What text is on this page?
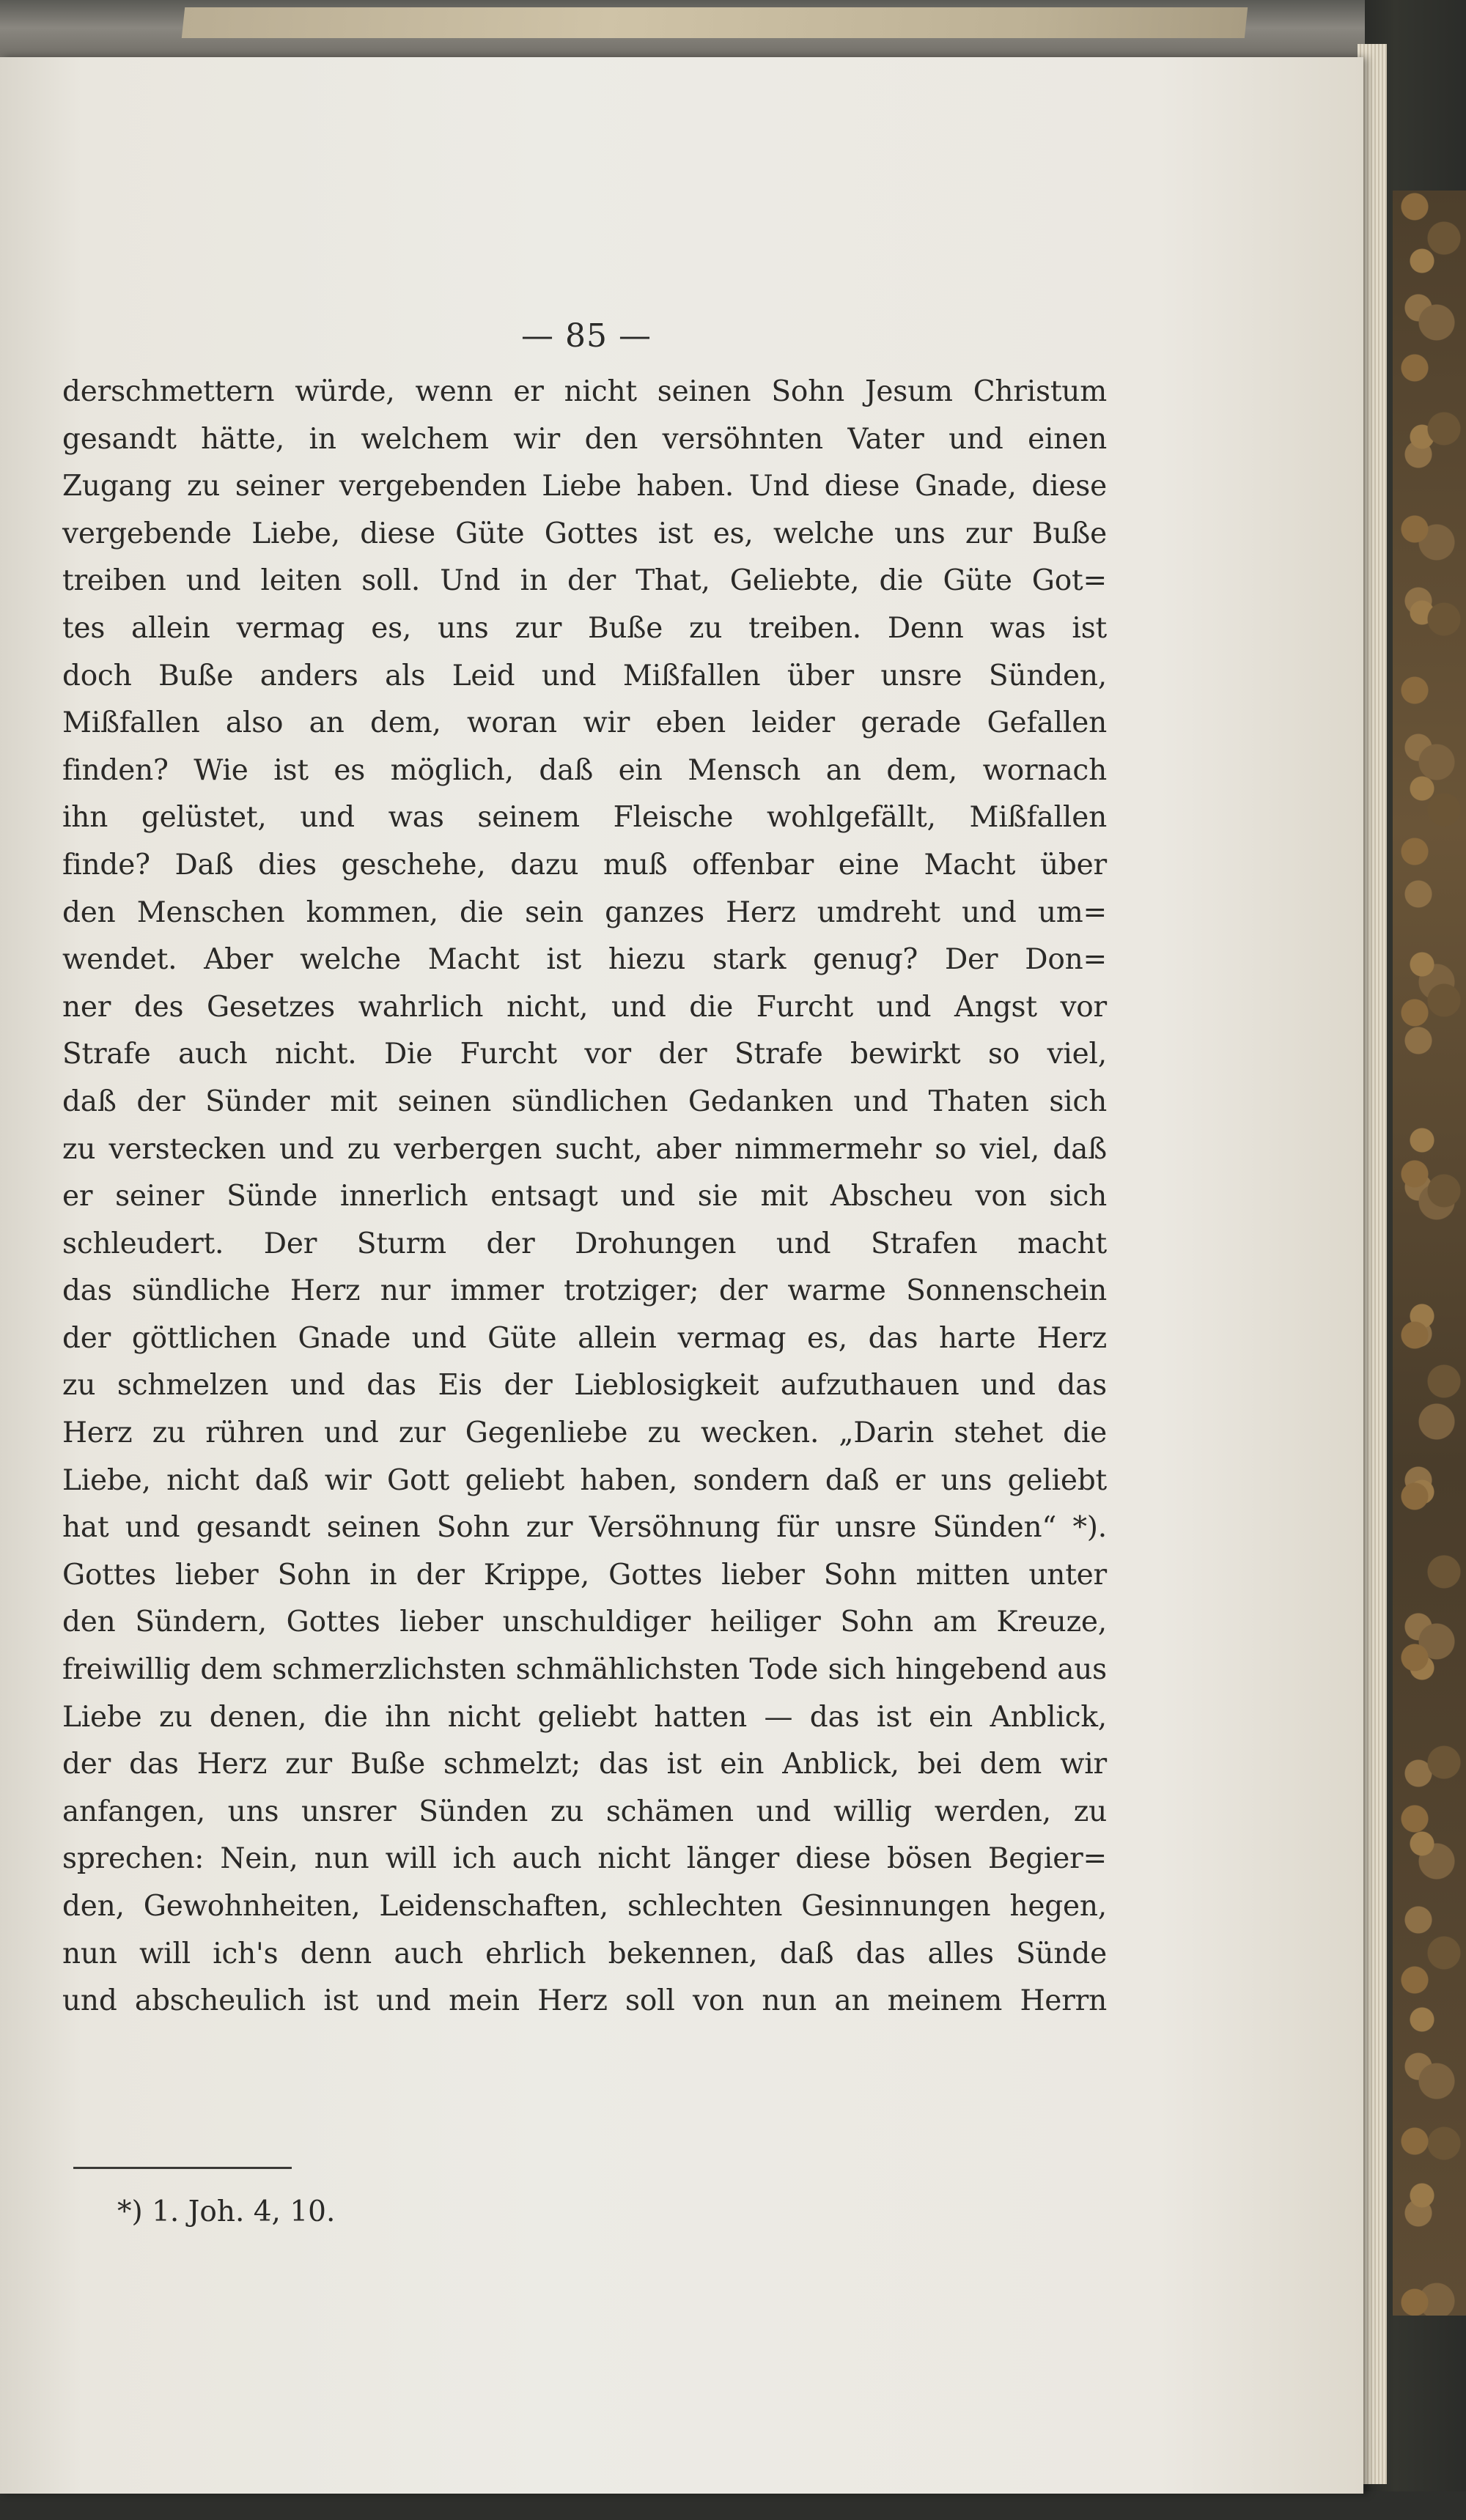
— 85 —
derschmettern würde, wenn er nicht seinen Sohn Jesum Christum
gesandt hätte, in welchem wir den versöhnten Vater und einen
Zugang zu seiner vergebenden Liebe haben. Und diese Gnade, diese
vergebende Liebe, diese Güte Gottes ist es, welche uns zur Buße
treiben und leiten soll. Und in der That, Geliebte, die Güte Got=
tes allein vermag es, uns zur Buße zu treiben. Denn was ist
doch Buße anders als Leid und Mißfallen über unsre Sünden,
Mißfallen also an dem, woran wir eben leider gerade Gefallen
finden? Wie ist es möglich, daß ein Mensch an dem, wornach
ihn gelüstet, und was seinem Fleische wohlgefällt, Mißfallen
finde? Daß dies geschehe, dazu muß offenbar eine Macht über
den Menschen kommen, die sein ganzes Herz umdreht und um=
wendet. Aber welche Macht ist hiezu stark genug? Der Don=
ner des Gesetzes wahrlich nicht, und die Furcht und Angst vor
Strafe auch nicht. Die Furcht vor der Strafe bewirkt so viel,
daß der Sünder mit seinen sündlichen Gedanken und Thaten sich
zu verstecken und zu verbergen sucht, aber nimmermehr so viel, daß
er seiner Sünde innerlich entsagt und sie mit Abscheu von sich
schleudert. Der Sturm der Drohungen und Strafen macht
das sündliche Herz nur immer trotziger; der warme Sonnenschein
der göttlichen Gnade und Güte allein vermag es, das harte Herz
zu schmelzen und das Eis der Lieblosigkeit aufzuthauen und das
Herz zu rühren und zur Gegenliebe zu wecken. „Darin stehet die
Liebe, nicht daß wir Gott geliebt haben, sondern daß er uns geliebt
hat und gesandt seinen Sohn zur Versöhnung für unsre Sünden“ *).
Gottes lieber Sohn in der Krippe, Gottes lieber Sohn mitten unter
den Sündern, Gottes lieber unschuldiger heiliger Sohn am Kreuze,
freiwillig dem schmerzlichsten schmählichsten Tode sich hingebend aus
Liebe zu denen, die ihn nicht geliebt hatten — das ist ein Anblick,
der das Herz zur Buße schmelzt; das ist ein Anblick, bei dem wir
anfangen, uns unsrer Sünden zu schämen und willig werden, zu
sprechen: Nein, nun will ich auch nicht länger diese bösen Begier=
den, Gewohnheiten, Leidenschaften, schlechten Gesinnungen hegen,
nun will ich's denn auch ehrlich bekennen, daß das alles Sünde
und abscheulich ist und mein Herz soll von nun an meinem Herrn
*) 1. Joh. 4, 10.
